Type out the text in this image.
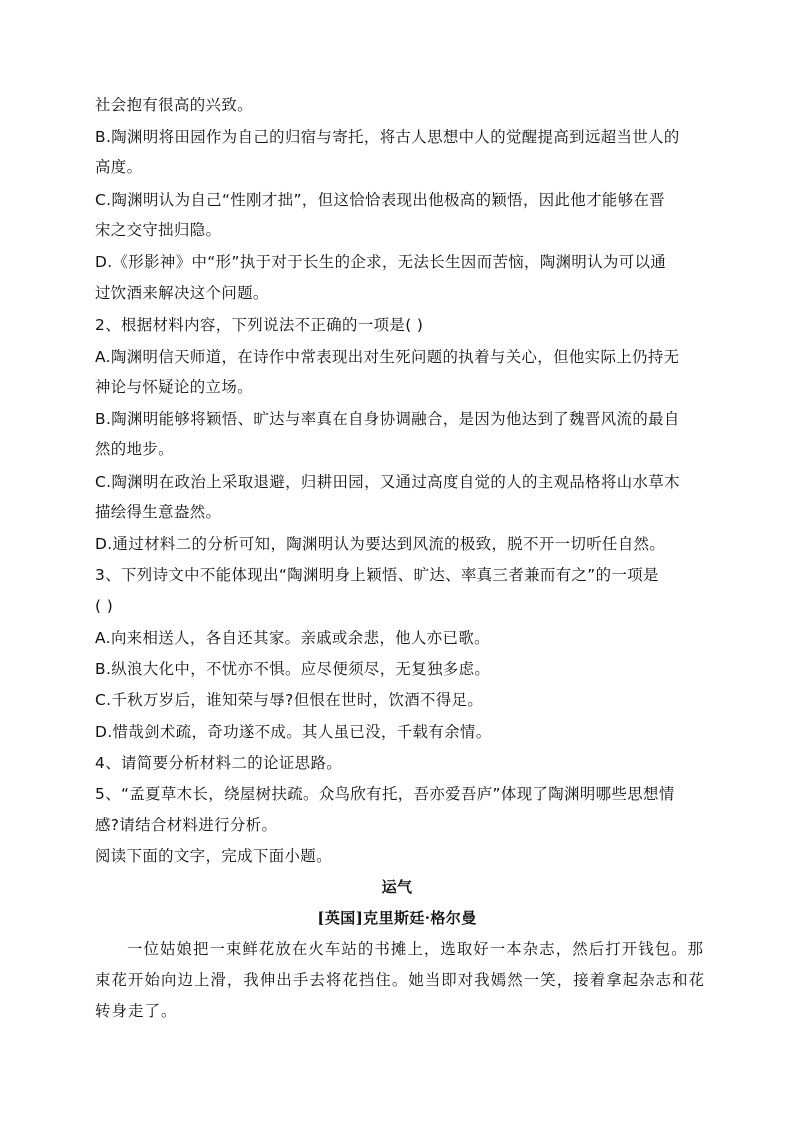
社会抱有很高的兴致。
B.陶渊明将田园作为自己的归宿与寄托，将古人思想中人的觉醒提高到远超当世人的
高度。
C.陶渊明认为自己“性刚才拙”，但这恰恰表现出他极高的颖悟，因此他才能够在晋
宋之交守拙归隐。
D.《形影神》中“形”执于对于长生的企求，无法长生因而苦恼，陶渊明认为可以通
过饮酒来解决这个问题。
2、根据材料内容，下列说法不正确的一项是( )
A.陶渊明信天师道，在诗作中常表现出对生死问题的执着与关心，但他实际上仍持无
神论与怀疑论的立场。
B.陶渊明能够将颖悟、旷达与率真在自身协调融合，是因为他达到了魏晋风流的最自
然的地步。
C.陶渊明在政治上采取退避，归耕田园，又通过高度自觉的人的主观品格将山水草木
描绘得生意盎然。
D.通过材料二的分析可知，陶渊明认为要达到风流的极致，脱不开一切听任自然。
3、下列诗文中不能体现出“陶渊明身上颖悟、旷达、率真三者兼而有之”的一项是
( )
A.向来相送人，各自还其家。亲戚或余悲，他人亦已歌。
B.纵浪大化中，不忧亦不惧。应尽便须尽，无复独多虑。
C.千秋万岁后，谁知荣与辱?但恨在世时，饮酒不得足。
D.惜哉剑术疏，奇功遂不成。其人虽已没，千载有余情。
4、请简要分析材料二的论证思路。
5、“孟夏草木长，绕屋树扶疏。众鸟欣有托，吾亦爱吾庐”体现了陶渊明哪些思想情
感?请结合材料进行分析。
阅读下面的文字，完成下面小题。
运气
[英国]克里斯廷·格尔曼
一位姑娘把一束鲜花放在火车站的书摊上，选取好一本杂志，然后打开钱包。那
束花开始向边上滑，我伸出手去将花挡住。她当即对我嫣然一笑，接着拿起杂志和花
转身走了。
